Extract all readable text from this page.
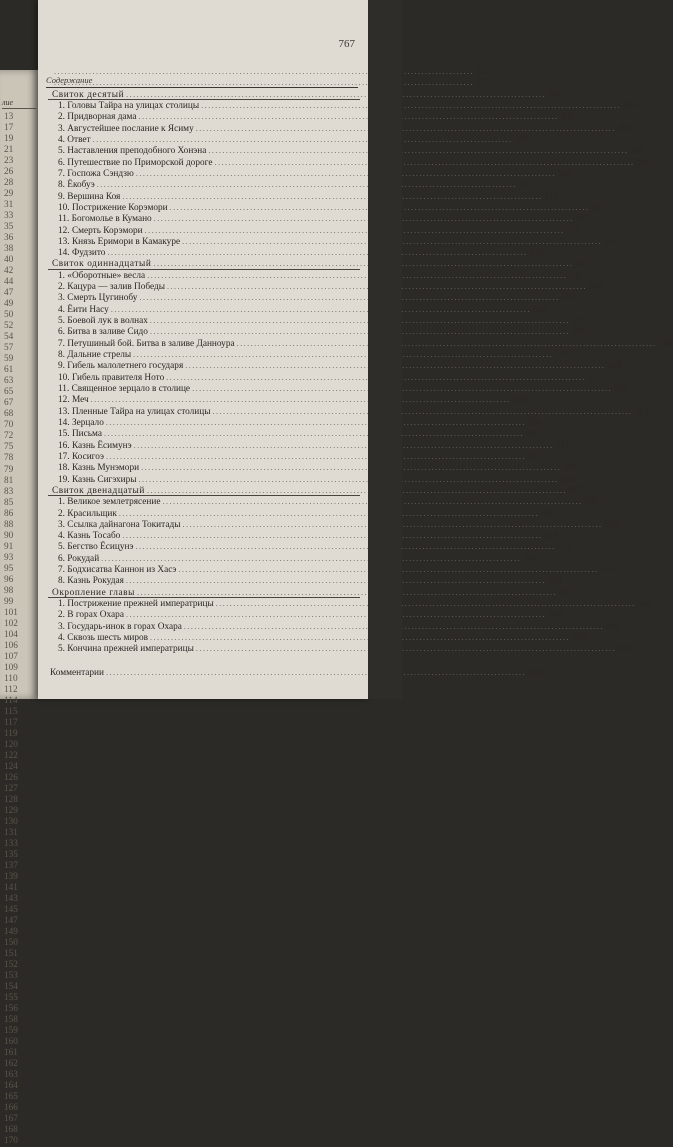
лие
13
17
19
21
23
26
28
29
31
33
35
36
38
40
42
44
47
49
50
52
54
57
59
61
63
65
67
68
70
72
75
78
79
81
83
85
86
88
90
91
93
95
96
98
99
101
102
104
106
107
109
110
112
114
115
117
119
120
122
124
126
127
128
129
130
131
133
135
137
139
141
143
145
147
149
150
151
152
153
154
155
156
158
159
160
161
162
163
164
165
166
167
168
170
767
Содержание
.....
477
.....
477
Свиток десятый .....	481
1. Головы Тайра на улицах столицы .....	486
2. Придворная дама .....	487
3. Августейшее послание к Ясиму .....	491
4. Ответ .....	495
5. Наставления преподобного Хонэна .....	500
6. Путешествие по Приморской дороге .....	506
7. Госпожа Сэндзю .....	510
8. Ёкобуэ .....	512
9. Вершина Коя .....	517
10. Пострижение Корэмори .....	519
11. Богомолье в Кумано .....	523
12. Смерть Корэмори .....	529
13. Князь Еримори в Камакуре .....	537
14. Фудзито .....	537
Свиток одиннадцатый .....	541
1. «Оборотные» весла .....	545
2. Кацура — залив Победы .....	550
3. Смерть Цугинобу .....	553
4. Ёити Насу .....	556
5. Боевой лук в волнах .....	559
6. Битва в заливе Сидо .....	561
7. Петушиный бой. Битва в заливе Данноура .....	564
8. Дальние стрелы .....	567
9. Гибель малолетнего государя .....	569
10. Гибель правителя Ното .....	573
11. Священное зерцало в столице .....	577
12. Меч .....	580
13. Пленные Тайра на улицах столицы .....	583
14. Зерцало .....	586
15. Письма .....	587
16. Казнь Ёсимунэ .....	591
17. Косигоэ .....	595
18. Казнь Мунэмори .....	599
19. Казнь Сигэхиры .....	602
Свиток двенадцатый .....	607
1. Великое землетрясение .....	609
2. Красильщик .....	610
3. Ссылка дайнагона Токитады .....	612
4. Казнь Тосабо .....	616
5. Бегство Ёсицунэ .....	622
6. Рокудай .....	631
7. Бодхисатва Каннон из Хасэ .....	631
8. Казнь Рокудая .....	638
Окропление главы .....	643
1. Пострижение прежней императрицы .....	643
2. В горах Охара .....	646
3. Государь-инок в горах Охара .....	649
4. Сквозь шесть миров .....	656
5. Кончина прежней императрицы .....	661
Комментарии .....	664
